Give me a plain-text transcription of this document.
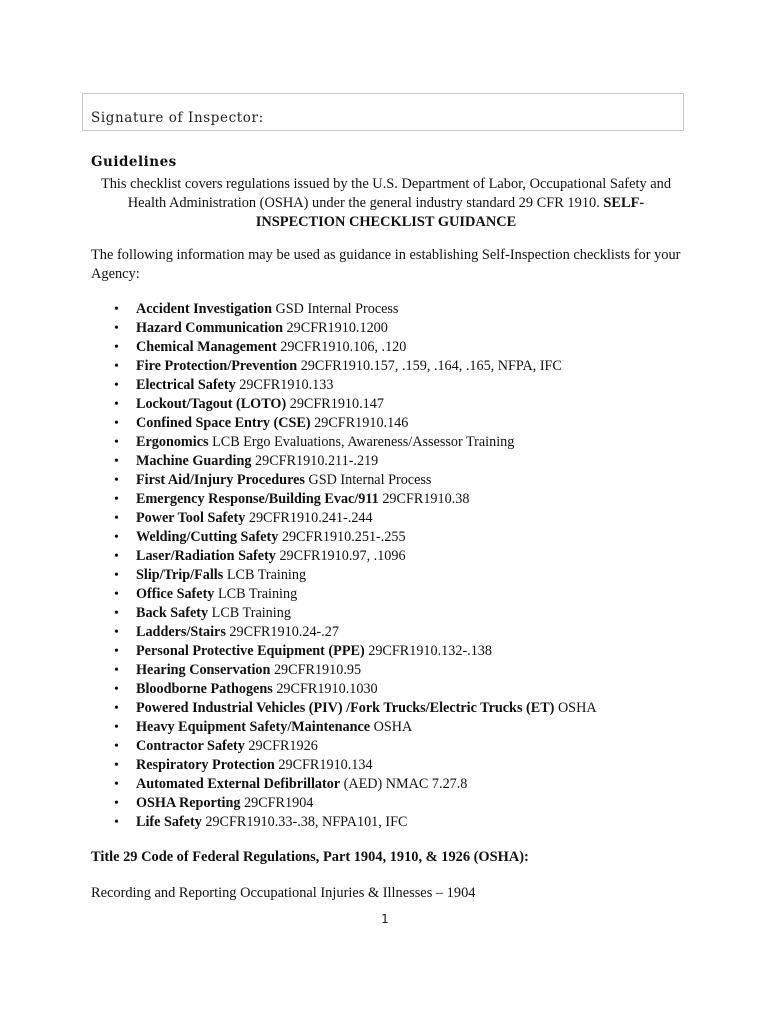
Signature of Inspector:
Guidelines
This checklist covers regulations issued by the U.S. Department of Labor, Occupational Safety and Health Administration (OSHA) under the general industry standard 29 CFR 1910. SELF-INSPECTION CHECKLIST GUIDANCE
The following information may be used as guidance in establishing Self-Inspection checklists for your Agency:
• Accident Investigation GSD Internal Process
• Hazard Communication 29CFR1910.1200
• Chemical Management 29CFR1910.106, .120
• Fire Protection/Prevention 29CFR1910.157, .159, .164, .165, NFPA, IFC
• Electrical Safety 29CFR1910.133
• Lockout/Tagout (LOTO) 29CFR1910.147
• Confined Space Entry (CSE) 29CFR1910.146
• Ergonomics LCB Ergo Evaluations, Awareness/Assessor Training
• Machine Guarding 29CFR1910.211-.219
• First Aid/Injury Procedures GSD Internal Process
• Emergency Response/Building Evac/911 29CFR1910.38
• Power Tool Safety 29CFR1910.241-.244
• Welding/Cutting Safety 29CFR1910.251-.255
• Laser/Radiation Safety 29CFR1910.97, .1096
• Slip/Trip/Falls LCB Training
• Office Safety LCB Training
• Back Safety LCB Training
• Ladders/Stairs 29CFR1910.24-.27
• Personal Protective Equipment (PPE) 29CFR1910.132-.138
• Hearing Conservation 29CFR1910.95
• Bloodborne Pathogens 29CFR1910.1030
• Powered Industrial Vehicles (PIV) /Fork Trucks/Electric Trucks (ET) OSHA
• Heavy Equipment Safety/Maintenance OSHA
• Contractor Safety 29CFR1926
• Respiratory Protection 29CFR1910.134
• Automated External Defibrillator (AED) NMAC 7.27.8
• OSHA Reporting 29CFR1904
• Life Safety 29CFR1910.33-.38, NFPA101, IFC
Title 29 Code of Federal Regulations, Part 1904, 1910, & 1926 (OSHA):
Recording and Reporting Occupational Injuries & Illnesses – 1904
1
